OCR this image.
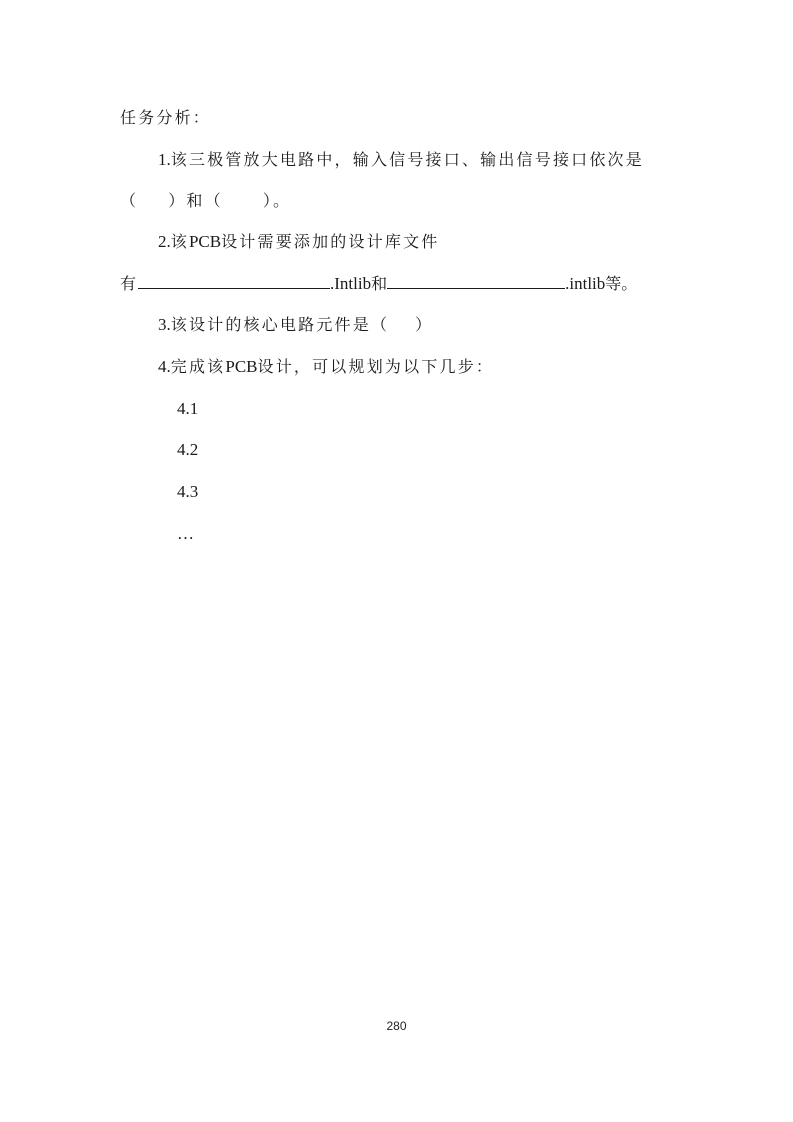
任务分析：
1.该三极管放大电路中，输入信号接口、输出信号接口依次是
（ ）和（	）。
2.该PCB设计需要添加的设计库文件
有	.Intlib和	.intlib等。
3.该设计的核心电路元件是（ ）
4.完成该PCB设计，可以规划为以下几步：
4.1
4.2
4.3
…
280
